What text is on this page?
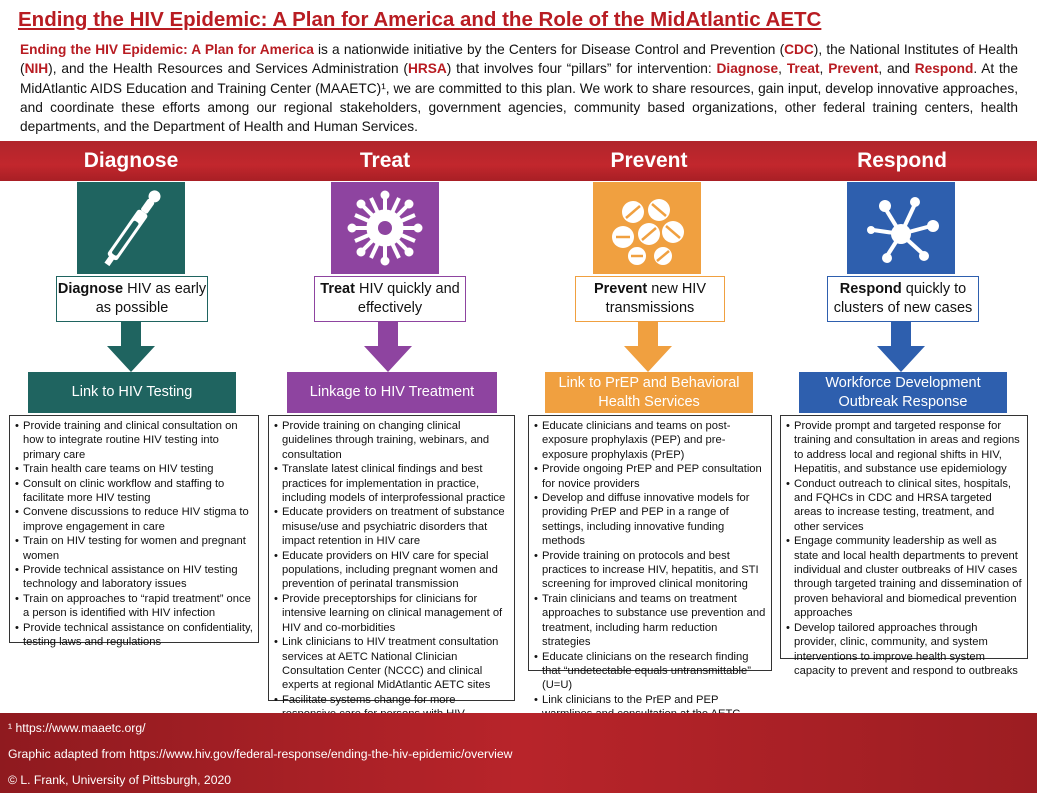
Ending the HIV Epidemic: A Plan for America and the Role of the MidAtlantic AETC
Ending the HIV Epidemic: A Plan for America is a nationwide initiative by the Centers for Disease Control and Prevention (CDC), the National Institutes of Health (NIH), and the Health Resources and Services Administration (HRSA) that involves four “pillars” for intervention: Diagnose, Treat, Prevent, and Respond. At the MidAtlantic AIDS Education and Training Center (MAAETC)¹, we are committed to this plan. We work to share resources, gain input, develop innovative approaches, and coordinate these efforts among our regional stakeholders, government agencies, community based organizations, other federal training centers, health departments, and the Department of Health and Human Services.
Diagnose
Diagnose HIV as early as possible
Link to HIV Testing
• Provide training and clinical consultation on how to integrate routine HIV testing into primary care
• Train health care teams on HIV testing
• Consult on clinic workflow and staffing to facilitate more HIV testing
• Convene discussions to reduce HIV stigma to improve engagement in care
• Train on HIV testing for women and pregnant women
• Provide technical assistance on HIV testing technology and laboratory issues
• Train on approaches to “rapid treatment” once a person is identified with HIV infection
• Provide technical assistance on confidentiality, testing laws and regulations
Treat
Treat HIV quickly and effectively
Linkage to HIV Treatment
• Provide training on changing clinical guidelines through training, webinars, and consultation
• Translate latest clinical findings and best practices for implementation in practice, including models of interprofessional practice
• Educate providers on treatment of substance misuse/use and psychiatric disorders that impact retention in HIV care
• Educate providers on HIV care for special populations, including pregnant women and prevention of perinatal transmission
• Provide preceptorships for clinicians for intensive learning on clinical management of HIV and co-morbidities
• Link clinicians to HIV treatment consultation services at AETC National Clinician Consultation Center (NCCC) and clinical experts at regional MidAtlantic AETC sites
• Facilitate systems change for more
Prevent
Prevent new HIV transmissions
Link to PrEP and Behavioral Health Services
• Educate clinicians and teams on post-exposure prophylaxis (PEP) and pre-exposure prophylaxis (PrEP)
• Provide ongoing PrEP and PEP consultation for novice providers
• Develop and diffuse innovative models for providing PrEP and PEP in a range of settings, including innovative funding methods
• Provide training on protocols and best practices to increase HIV, hepatitis, and STI screening for improved clinical monitoring
• Train clinicians and teams on treatment approaches to substance use prevention and treatment, including harm reduction strategies
• Educate clinicians on the research finding that “undetectable equals untransmittable” (U=U)
• Link clinicians to the PrEP and PEP
Respond
Respond quickly to clusters of new cases
Workforce Development Outbreak Response
• Provide prompt and targeted response for training and consultation in areas and regions to address local and regional shifts in HIV, Hepatitis, and substance use epidemiology
• Conduct outreach to clinical sites, hospitals, and FQHCs in CDC and HRSA targeted areas to increase testing, treatment, and other services
• Engage community leadership as well as state and local health departments to prevent individual and cluster outbreaks of HIV cases through targeted training and dissemination of proven behavioral and biomedical prevention approaches
• Develop tailored approaches through provider, clinic, community, and system interventions to improve health system capacity to prevent and respond to outbreaks
¹ https://www.maaetc.org/
Graphic adapted from https://www.hiv.gov/federal-response/ending-the-hiv-epidemic/overview
© L. Frank, University of Pittsburgh, 2020
